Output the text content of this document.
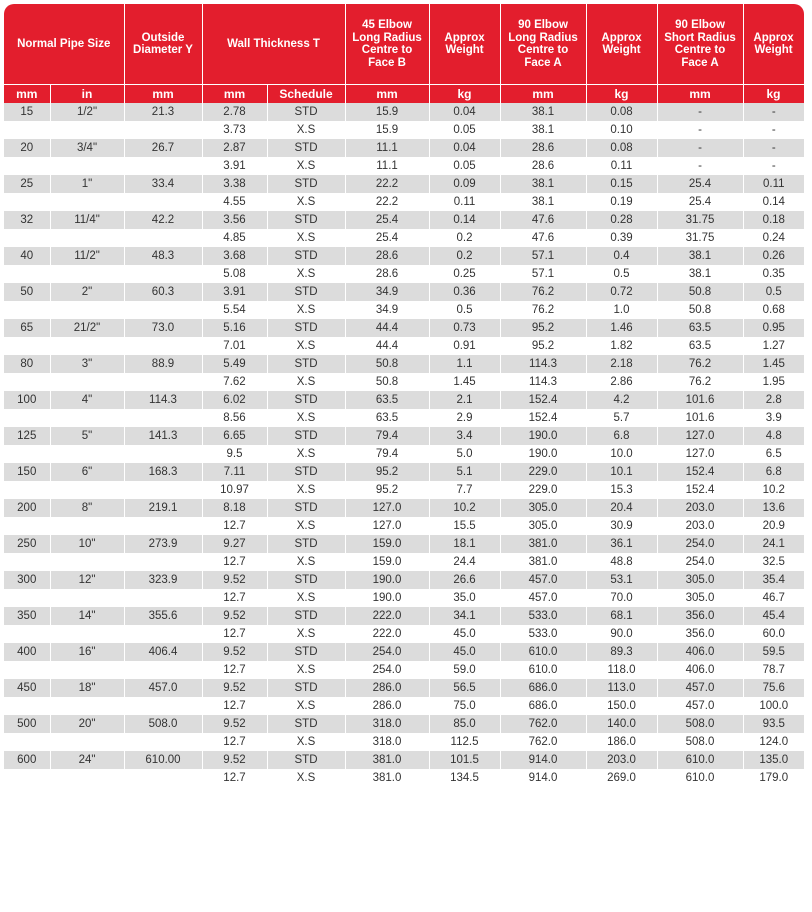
Normal Pipe Size		Outside Diameter Y	Wall Thickness T		45 Elbow Long Radius Centre to Face B	Approx Weight	90 Elbow Long Radius Centre to Face A	Approx Weight	90 Elbow Short Radius Centre to Face A	Approx Weight
mm	in	mm	mm	Schedule	mm	kg	mm	kg	mm	kg
15	1/2"	21.3	2.78	STD	15.9	0.04	38.1	0.08	-	-
			3.73	X.S	15.9	0.05	38.1	0.10	-	-
20	3/4"	26.7	2.87	STD	11.1	0.04	28.6	0.08	-	-
			3.91	X.S	11.1	0.05	28.6	0.11	-	-
25	1"	33.4	3.38	STD	22.2	0.09	38.1	0.15	25.4	0.11
			4.55	X.S	22.2	0.11	38.1	0.19	25.4	0.14
32	11/4"	42.2	3.56	STD	25.4	0.14	47.6	0.28	31.75	0.18
			4.85	X.S	25.4	0.2	47.6	0.39	31.75	0.24
40	11/2"	48.3	3.68	STD	28.6	0.2	57.1	0.4	38.1	0.26
			5.08	X.S	28.6	0.25	57.1	0.5	38.1	0.35
50	2"	60.3	3.91	STD	34.9	0.36	76.2	0.72	50.8	0.5
			5.54	X.S	34.9	0.5	76.2	1.0	50.8	0.68
65	21/2"	73.0	5.16	STD	44.4	0.73	95.2	1.46	63.5	0.95
			7.01	X.S	44.4	0.91	95.2	1.82	63.5	1.27
80	3"	88.9	5.49	STD	50.8	1.1	114.3	2.18	76.2	1.45
			7.62	X.S	50.8	1.45	114.3	2.86	76.2	1.95
100	4"	114.3	6.02	STD	63.5	2.1	152.4	4.2	101.6	2.8
			8.56	X.S	63.5	2.9	152.4	5.7	101.6	3.9
125	5"	141.3	6.65	STD	79.4	3.4	190.0	6.8	127.0	4.8
			9.5	X.S	79.4	5.0	190.0	10.0	127.0	6.5
150	6"	168.3	7.11	STD	95.2	5.1	229.0	10.1	152.4	6.8
			10.97	X.S	95.2	7.7	229.0	15.3	152.4	10.2
200	8"	219.1	8.18	STD	127.0	10.2	305.0	20.4	203.0	13.6
			12.7	X.S	127.0	15.5	305.0	30.9	203.0	20.9
250	10"	273.9	9.27	STD	159.0	18.1	381.0	36.1	254.0	24.1
			12.7	X.S	159.0	24.4	381.0	48.8	254.0	32.5
300	12"	323.9	9.52	STD	190.0	26.6	457.0	53.1	305.0	35.4
			12.7	X.S	190.0	35.0	457.0	70.0	305.0	46.7
350	14"	355.6	9.52	STD	222.0	34.1	533.0	68.1	356.0	45.4
			12.7	X.S	222.0	45.0	533.0	90.0	356.0	60.0
400	16"	406.4	9.52	STD	254.0	45.0	610.0	89.3	406.0	59.5
			12.7	X.S	254.0	59.0	610.0	118.0	406.0	78.7
450	18"	457.0	9.52	STD	286.0	56.5	686.0	113.0	457.0	75.6
			12.7	X.S	286.0	75.0	686.0	150.0	457.0	100.0
500	20"	508.0	9.52	STD	318.0	85.0	762.0	140.0	508.0	93.5
			12.7	X.S	318.0	112.5	762.0	186.0	508.0	124.0
600	24"	610.00	9.52	STD	381.0	101.5	914.0	203.0	610.0	135.0
			12.7	X.S	381.0	134.5	914.0	269.0	610.0	179.0
